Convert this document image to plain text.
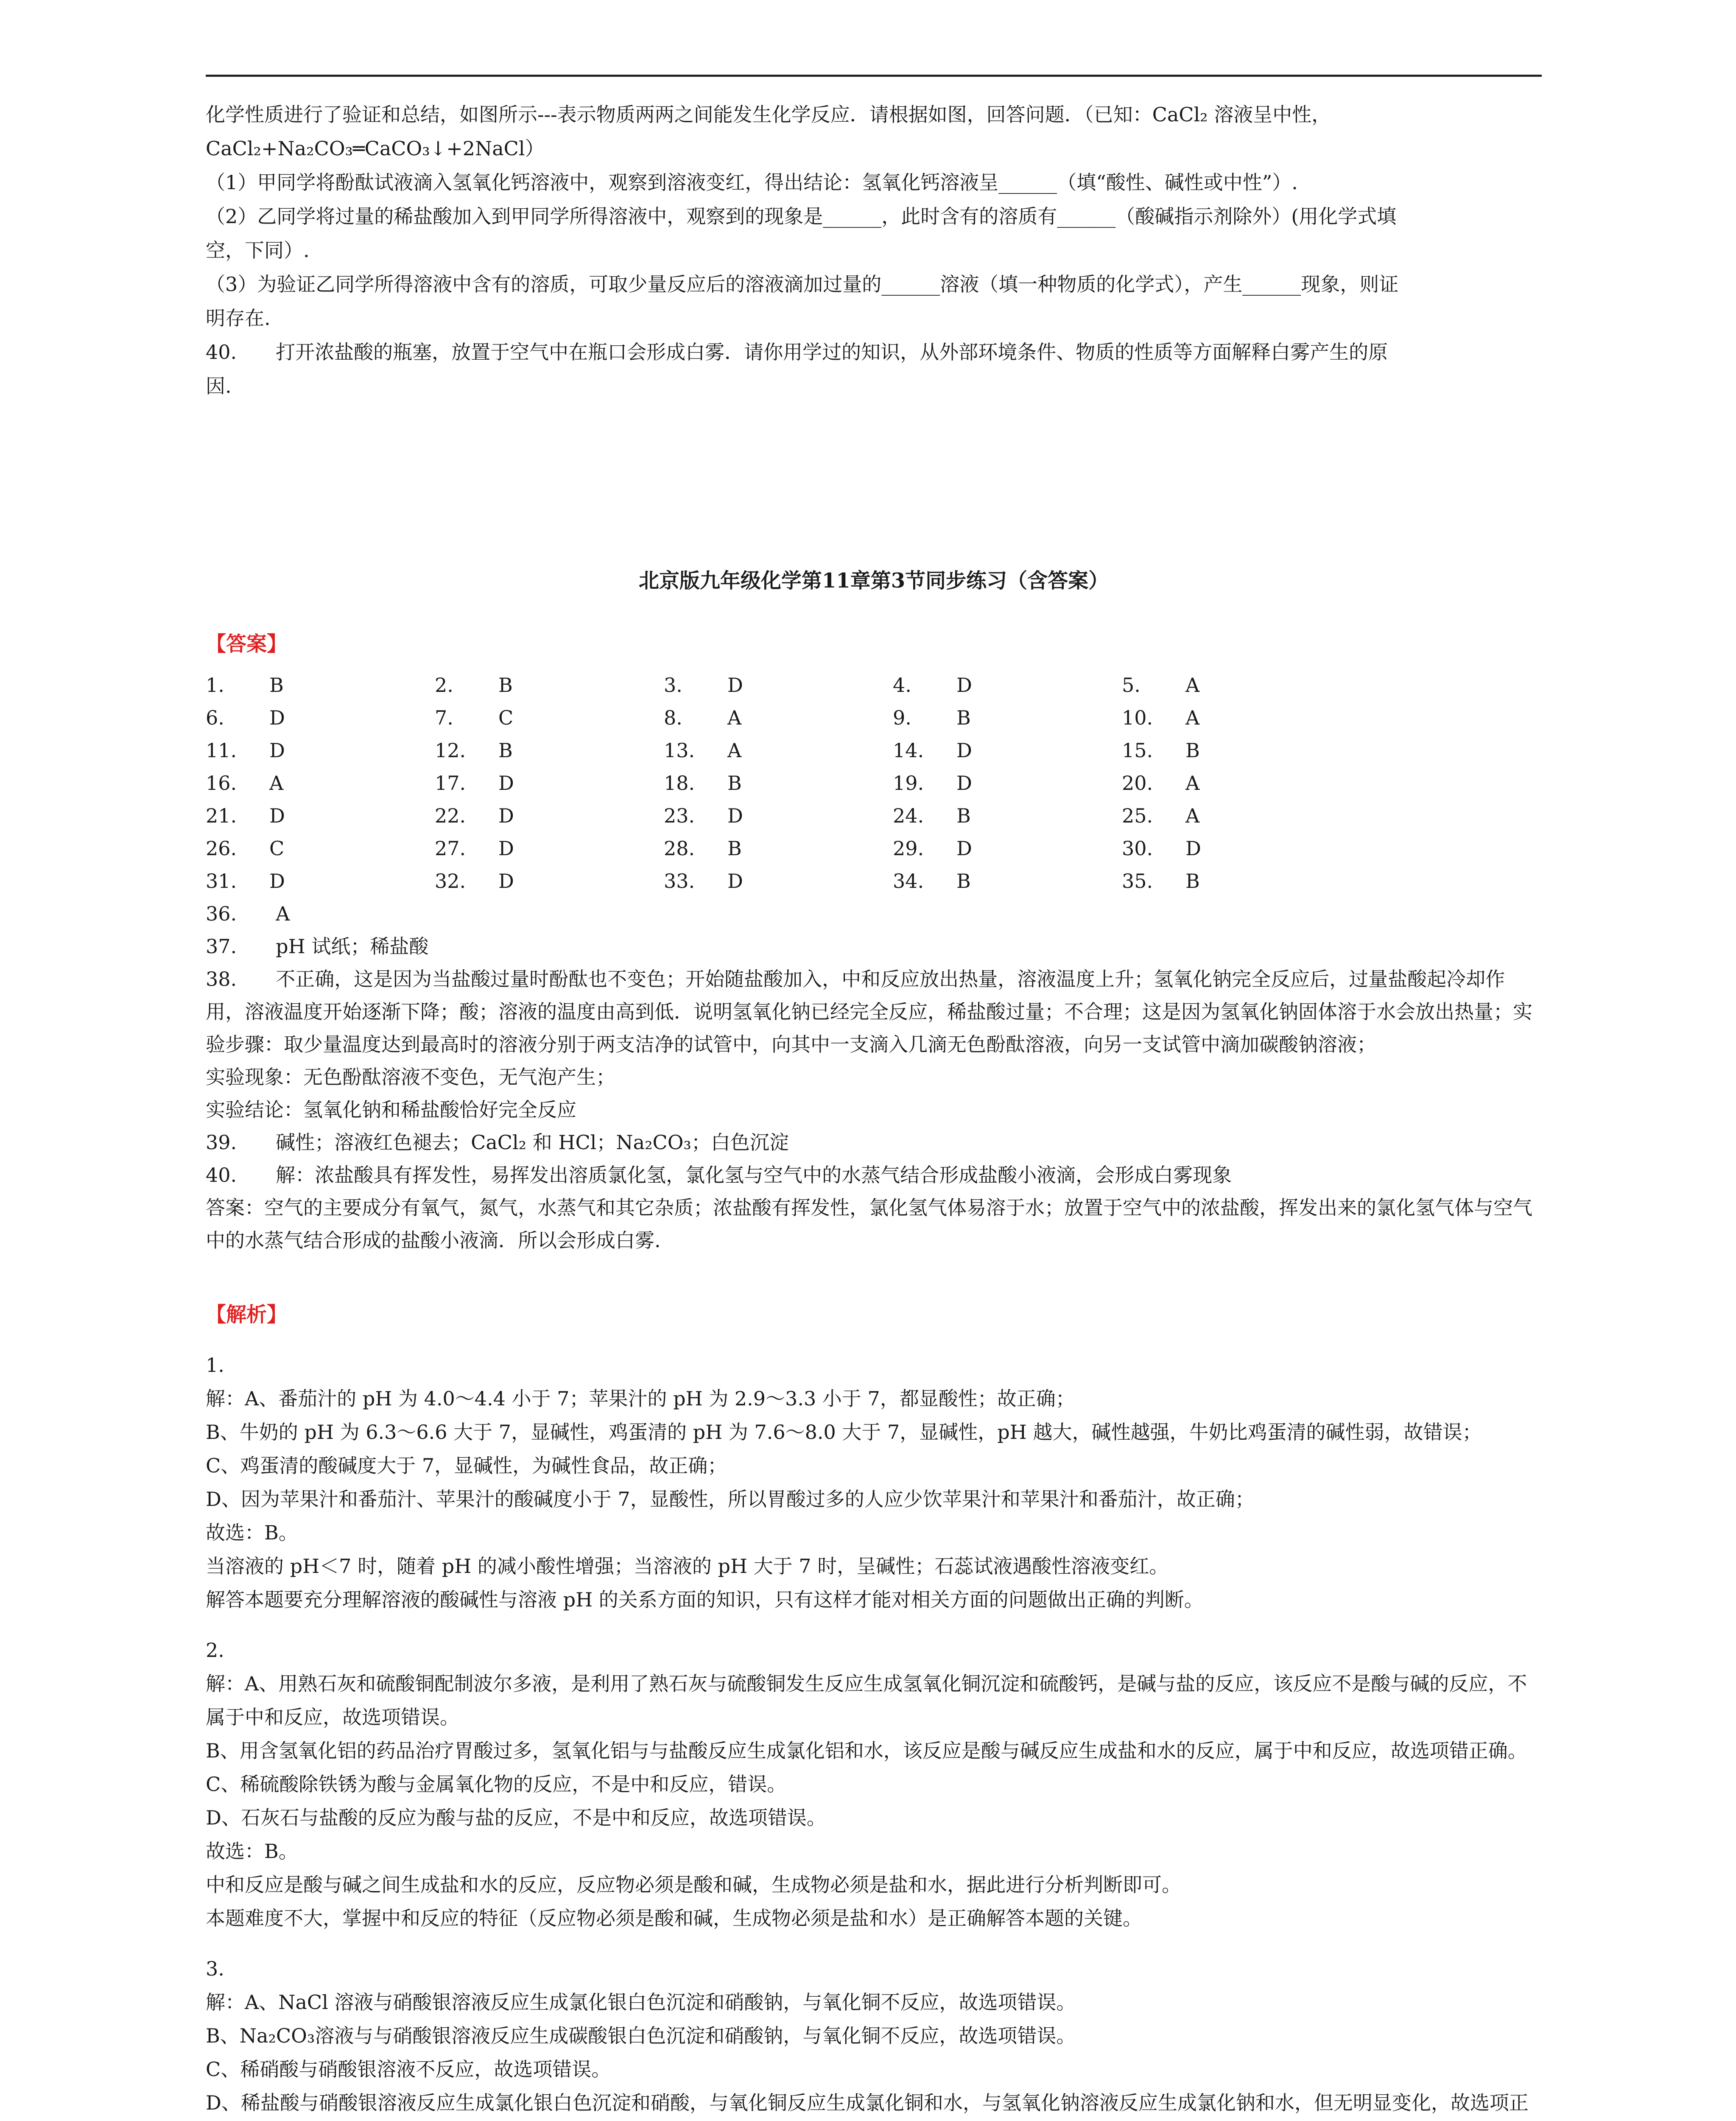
化学性质进行了验证和总结，如图所示---表示物质两两之间能发生化学反应．请根据如图，回答问题．（已知：CaCl₂ 溶液呈中性，
CaCl₂+Na₂CO₃═CaCO₃↓+2NaCl）
（1）甲同学将酚酞试液滴入氢氧化钙溶液中，观察到溶液变红，得出结论：氢氧化钙溶液呈______（填“酸性、碱性或中性”）.
（2）乙同学将过量的稀盐酸加入到甲同学所得溶液中，观察到的现象是______，此时含有的溶质有______（酸碱指示剂除外）(用化学式填
空，下同）.
（3）为验证乙同学所得溶液中含有的溶质，可取少量反应后的溶液滴加过量的______溶液（填一种物质的化学式），产生______现象，则证
明存在.
40.　　打开浓盐酸的瓶塞，放置于空气中在瓶口会形成白雾．请你用学过的知识，从外部环境条件、物质的性质等方面解释白雾产生的原
因.
北京版九年级化学第11章第3节同步练习（含答案）
【答案】
1. B	2. B	3. D	4. D	5. A
6. D	7. C	8. A	9. B	10. A
11. D	12. B	13. A	14. D	15. B
16. A	17. D	18. B	19. D	20. A
21. D	22. D	23. D	24. B	25. A
26. C	27. D	28. B	29. D	30. D
31. D	32. D	33. D	34. B	35. B
36.　　A
37.　　pH 试纸；稀盐酸
38.　　不正确，这是因为当盐酸过量时酚酞也不变色；开始随盐酸加入，中和反应放出热量，溶液温度上升；氢氧化钠完全反应后，过量盐酸起冷却作用，溶液温度开始逐渐下降；酸；溶液的温度由高到低．说明氢氧化钠已经完全反应，稀盐酸过量；不合理；这是因为氢氧化钠固体溶于水会放出热量；实验步骤：取少量温度达到最高时的溶液分别于两支洁净的试管中，向其中一支滴入几滴无色酚酞溶液，向另一支试管中滴加碳酸钠溶液；
实验现象：无色酚酞溶液不变色，无气泡产生；
实验结论：氢氧化钠和稀盐酸恰好完全反应
39.　　碱性；溶液红色褪去；CaCl₂ 和 HCl；Na₂CO₃；白色沉淀
40.　　解：浓盐酸具有挥发性，易挥发出溶质氯化氢，氯化氢与空气中的水蒸气结合形成盐酸小液滴，会形成白雾现象
答案：空气的主要成分有氧气，氮气，水蒸气和其它杂质；浓盐酸有挥发性，氯化氢气体易溶于水；放置于空气中的浓盐酸，挥发出来的氯化氢气体与空气中的水蒸气结合形成的盐酸小液滴．所以会形成白雾.
【解析】
1.
解：A、番茄汁的 pH 为 4.0～4.4 小于 7；苹果汁的 pH 为 2.9～3.3 小于 7，都显酸性；故正确；
B、牛奶的 pH 为 6.3～6.6 大于 7，显碱性，鸡蛋清的 pH 为 7.6～8.0 大于 7，显碱性，pH 越大，碱性越强，牛奶比鸡蛋清的碱性弱，故错误；
C、鸡蛋清的酸碱度大于 7，显碱性，为碱性食品，故正确；
D、因为苹果汁和番茄汁、苹果汁的酸碱度小于 7，显酸性，所以胃酸过多的人应少饮苹果汁和苹果汁和番茄汁，故正确；
故选：B。
当溶液的 pH＜7 时，随着 pH 的减小酸性增强；当溶液的 pH 大于 7 时，呈碱性；石蕊试液遇酸性溶液变红。
解答本题要充分理解溶液的酸碱性与溶液 pH 的关系方面的知识，只有这样才能对相关方面的问题做出正确的判断。
2.
解：A、用熟石灰和硫酸铜配制波尔多液，是利用了熟石灰与硫酸铜发生反应生成氢氧化铜沉淀和硫酸钙，是碱与盐的反应，该反应不是酸与碱的反应，不属于中和反应，故选项错误。
B、用含氢氧化铝的药品治疗胃酸过多，氢氧化铝与与盐酸反应生成氯化铝和水，该反应是酸与碱反应生成盐和水的反应，属于中和反应，故选项错正确。
C、稀硫酸除铁锈为酸与金属氧化物的反应，不是中和反应，错误。
D、石灰石与盐酸的反应为酸与盐的反应，不是中和反应，故选项错误。
故选：B。
中和反应是酸与碱之间生成盐和水的反应，反应物必须是酸和碱，生成物必须是盐和水，据此进行分析判断即可。
本题难度不大，掌握中和反应的特征（反应物必须是酸和碱，生成物必须是盐和水）是正确解答本题的关键。
3.
解：A、NaCl 溶液与硝酸银溶液反应生成氯化银白色沉淀和硝酸钠，与氧化铜不反应，故选项错误。
B、Na₂CO₃溶液与与硝酸银溶液反应生成碳酸银白色沉淀和硝酸钠，与氧化铜不反应，故选项错误。
C、稀硝酸与硝酸银溶液不反应，故选项错误。
D、稀盐酸与硝酸银溶液反应生成氯化银白色沉淀和硝酸，与氧化铜反应生成氯化铜和水，与氢氧化钠溶液反应生成氯化钠和水，但无明显变化，故选项正
